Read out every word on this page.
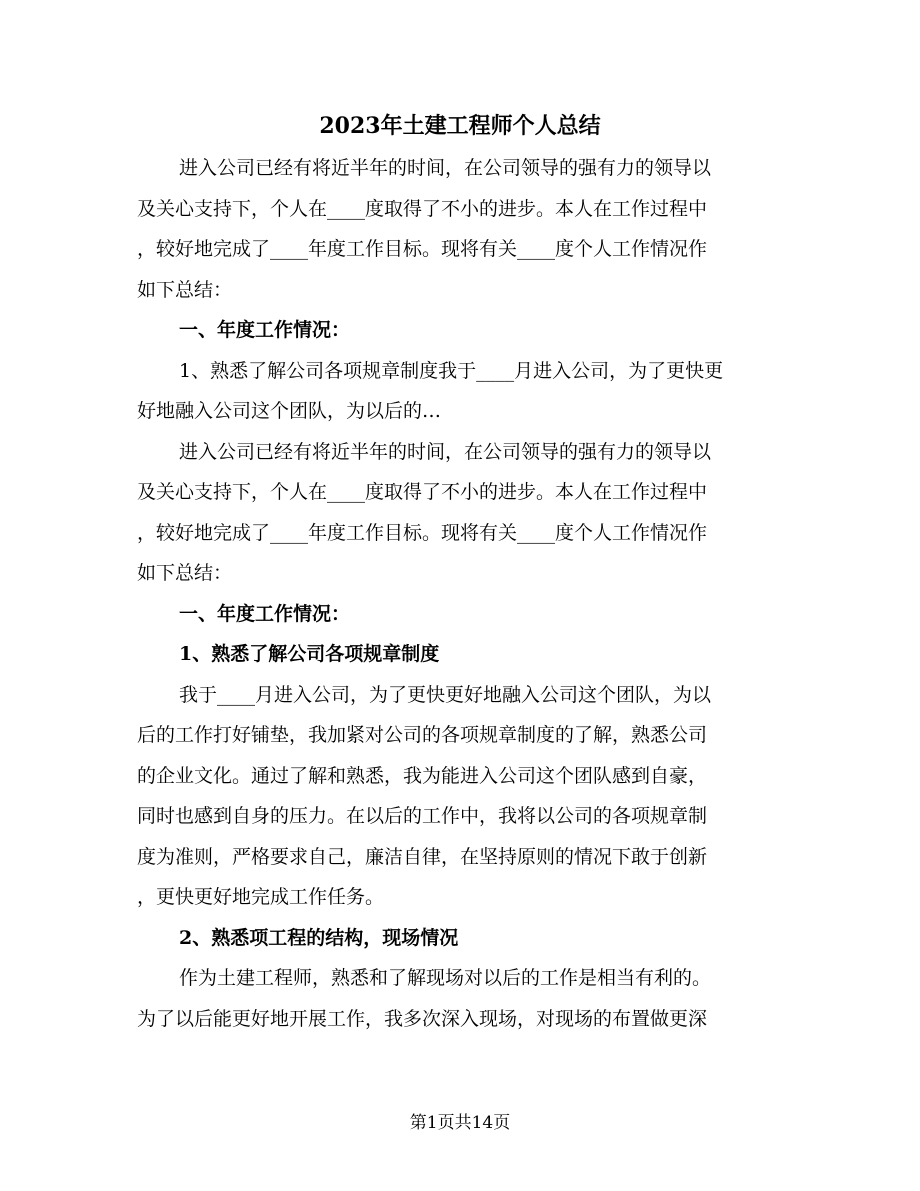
2023年土建工程师个人总结
进入公司已经有将近半年的时间，在公司领导的强有力的领导以
及关心支持下，个人在____度取得了不小的进步。本人在工作过程中
，较好地完成了____年度工作目标。现将有关____度个人工作情况作
如下总结：
一、年度工作情况：
1、熟悉了解公司各项规章制度我于____月进入公司，为了更快更
好地融入公司这个团队，为以后的…
进入公司已经有将近半年的时间，在公司领导的强有力的领导以
及关心支持下，个人在____度取得了不小的进步。本人在工作过程中
，较好地完成了____年度工作目标。现将有关____度个人工作情况作
如下总结：
一、年度工作情况：
1、熟悉了解公司各项规章制度
我于____月进入公司，为了更快更好地融入公司这个团队，为以
后的工作打好铺垫，我加紧对公司的各项规章制度的了解，熟悉公司
的企业文化。通过了解和熟悉，我为能进入公司这个团队感到自豪，
同时也感到自身的压力。在以后的工作中，我将以公司的各项规章制
度为准则，严格要求自己，廉洁自律，在坚持原则的情况下敢于创新
，更快更好地完成工作任务。
2、熟悉项工程的结构，现场情况
作为土建工程师，熟悉和了解现场对以后的工作是相当有利的。
为了以后能更好地开展工作，我多次深入现场，对现场的布置做更深
第1页共14页
